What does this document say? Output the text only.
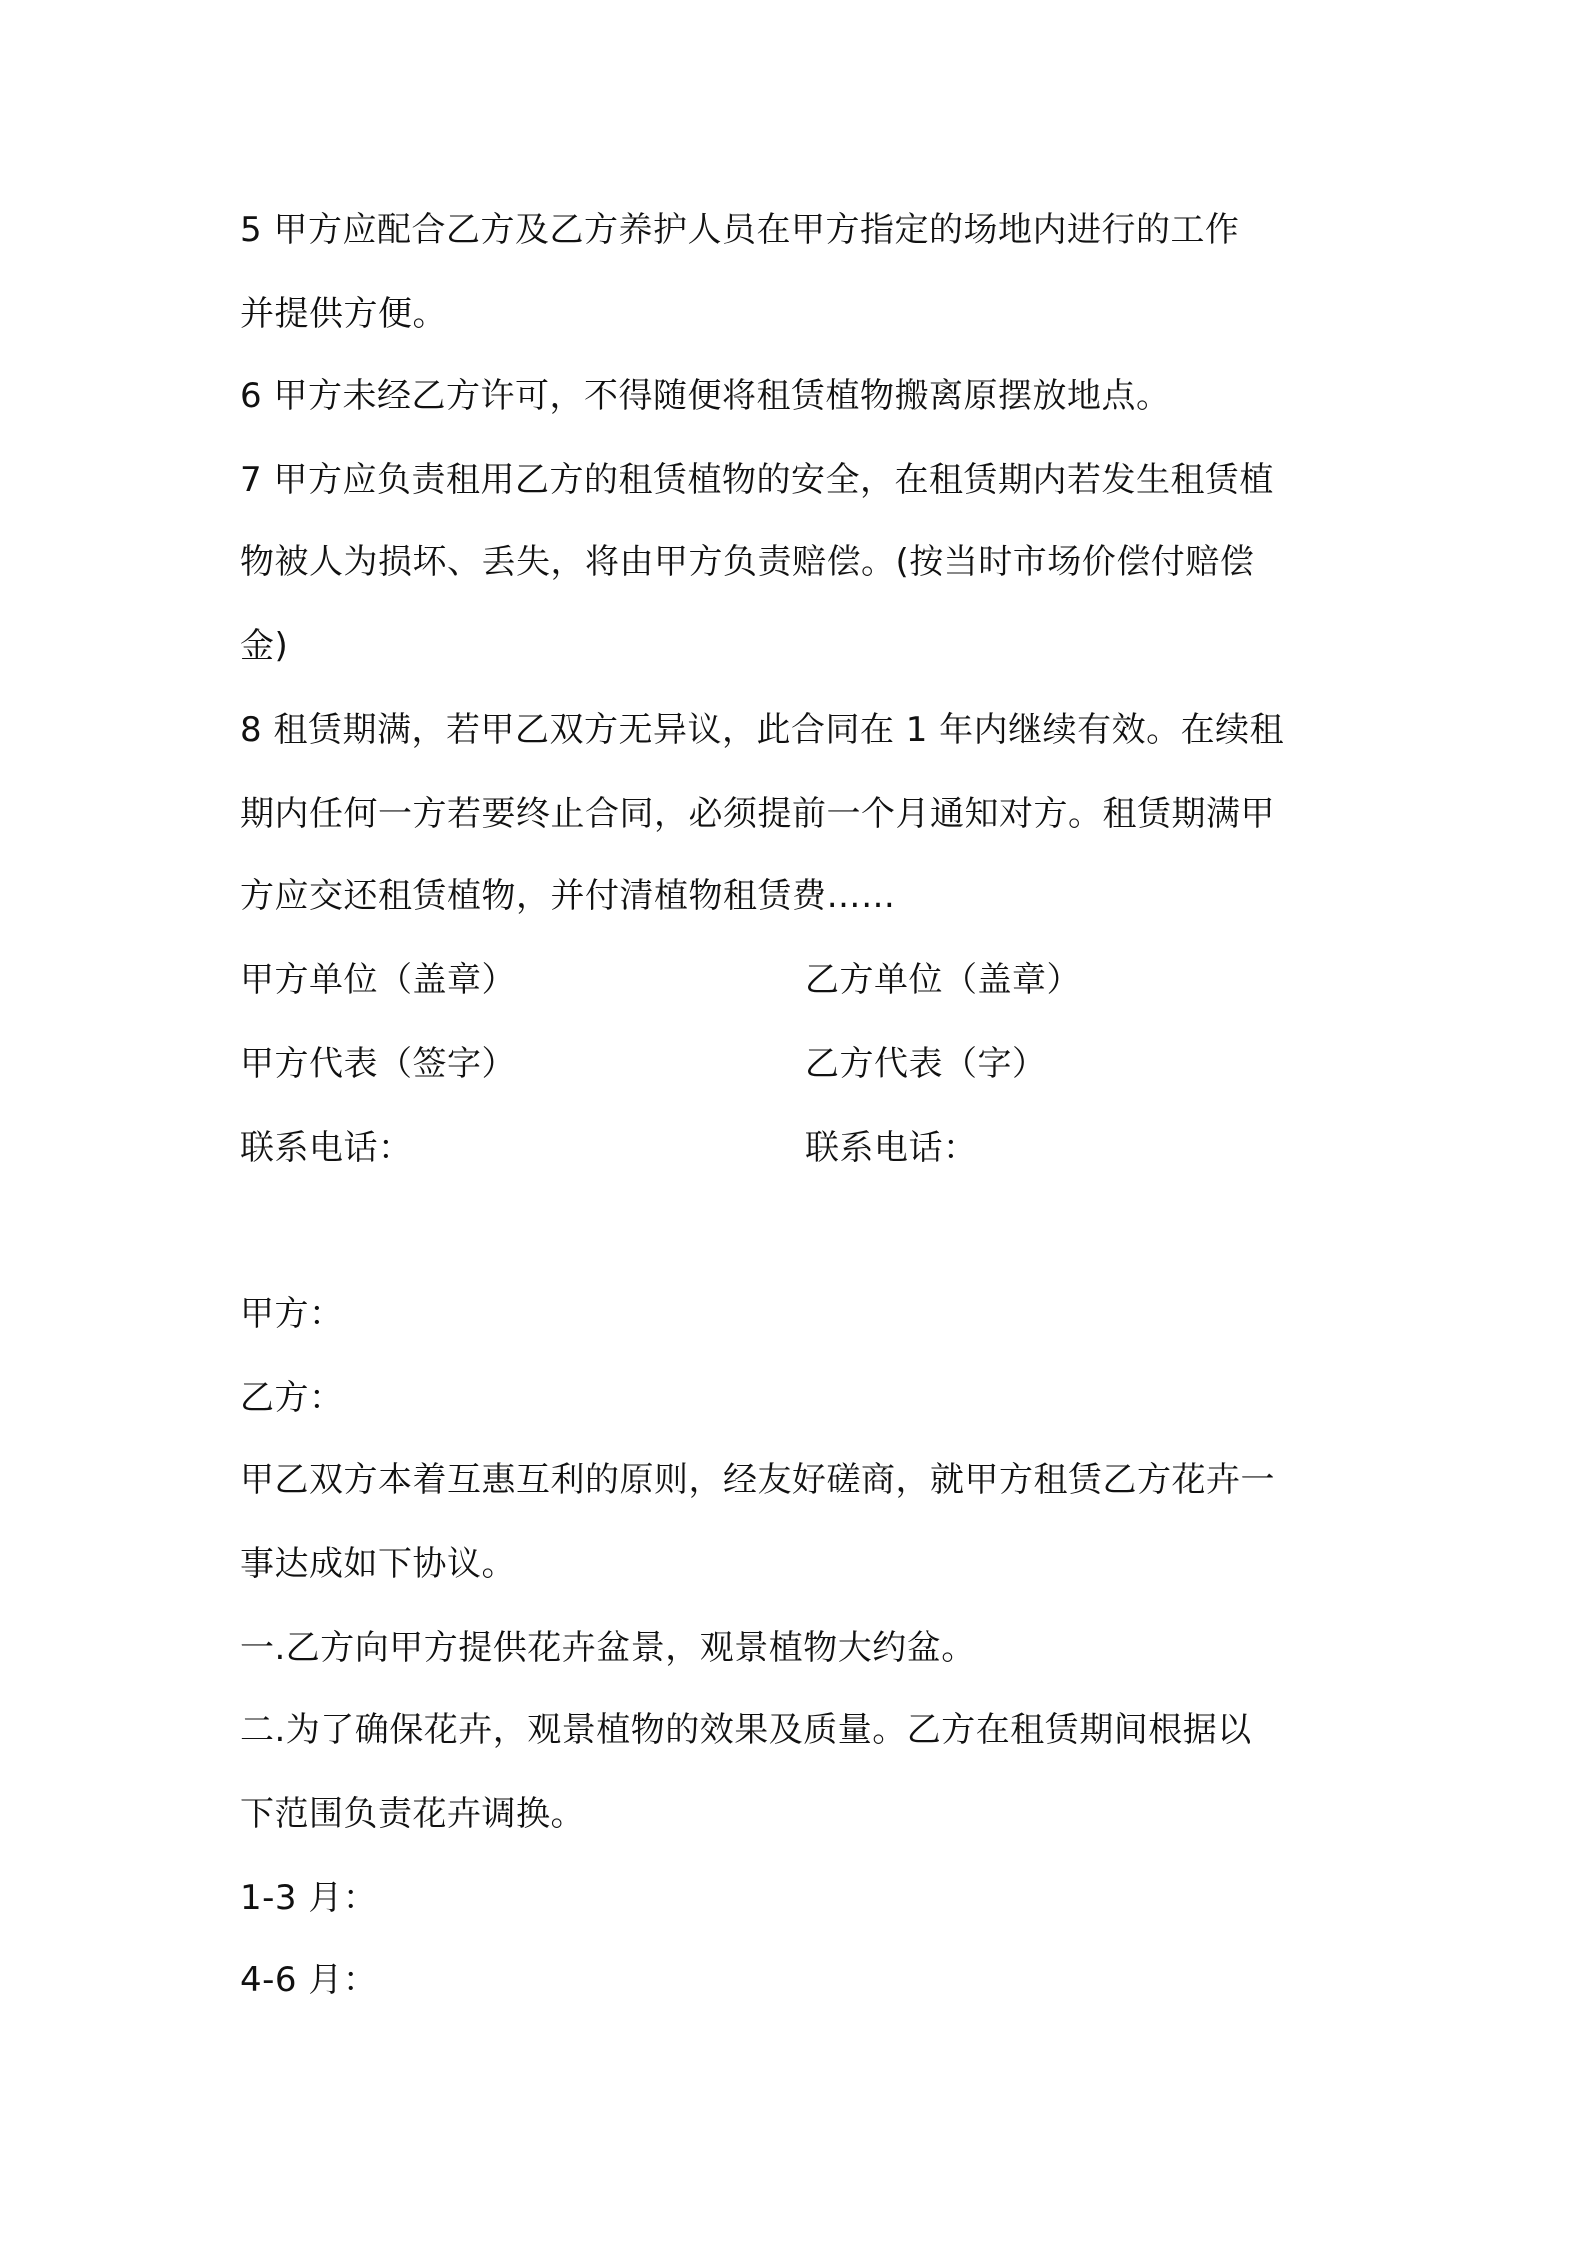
5 甲方应配合乙方及乙方养护人员在甲方指定的场地内进行的工作
并提供方便。
6 甲方未经乙方许可，不得随便将租赁植物搬离原摆放地点。
7 甲方应负责租用乙方的租赁植物的安全，在租赁期内若发生租赁植
物被人为损坏、丢失，将由甲方负责赔偿。(按当时市场价偿付赔偿
金)
8 租赁期满，若甲乙双方无异议，此合同在 1 年内继续有效。在续租
期内任何一方若要终止合同，必须提前一个月通知对方。租赁期满甲
方应交还租赁植物，并付清植物租赁费……
甲方单位（盖章）	乙方单位（盖章）
甲方代表（签字）	乙方代表（字）
联系电话：	联系电话：
甲方：
乙方：
甲乙双方本着互惠互利的原则，经友好磋商，就甲方租赁乙方花卉一
事达成如下协议。
一.乙方向甲方提供花卉盆景，观景植物大约盆。
二.为了确保花卉，观景植物的效果及质量。乙方在租赁期间根据以
下范围负责花卉调换。
1-3 月：
4-6 月：
